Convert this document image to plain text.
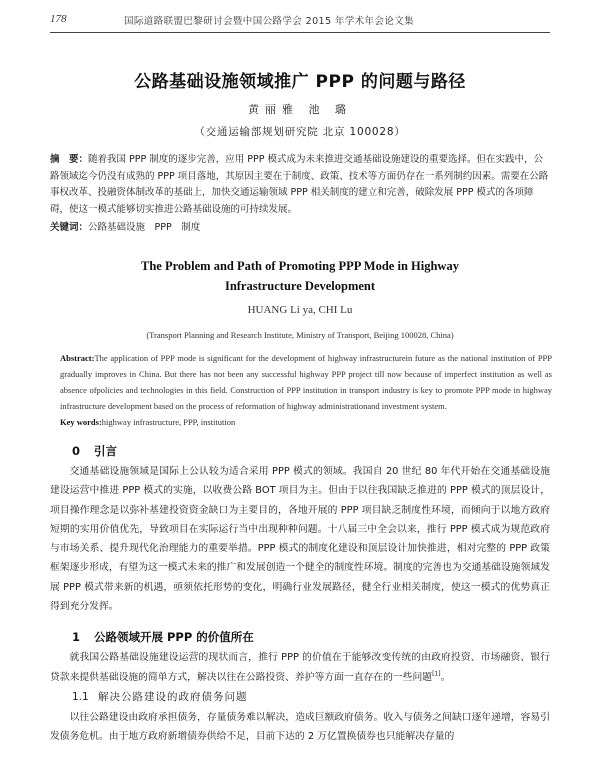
178	国际道路联盟巴黎研讨会暨中国公路学会 2015 年学术年会论文集
公路基础设施领域推广 PPP 的问题与路径
黄丽雅 池 璐
（交通运输部规划研究院 北京 100028）

摘　要：随着我国 PPP 制度的逐步完善，应用 PPP 模式成为未来推进交通基础设施建设的重要选择。但在实践中，公路领域迄今仍没有成熟的 PPP 项目落地，其原因主要在于制度、政策、技术等方面仍存在一系列制约因素。需要在公路事权改革、投融资体制改革的基础上，加快交通运输领域 PPP 相关制度的建立和完善，破除发展 PPP 模式的各项障碍，使这一模式能够切实推进公路基础设施的可持续发展。

关键词：公路基础设施　PPP　制度
The Problem and Path of Promoting PPP Mode in Highway
Infrastructure Development
HUANG Li ya, CHI Lu
(Transport Planning and Research Institute, Ministry of Transport, Beijing 100028, China)
Abstract:The application of PPP mode is significant for the development of highway infrastructurein future as the national institution of PPP gradually improves in China. But there has not been any successful highway PPP project till now because of imperfect institution as well as absence ofpolicies and technologies in this field. Construction of PPP institution in transport industry is key to promote PPP mode in highway infrastructure development based on the process of reformation of highway administrationand investment system.
Key words:highway infrastructure, PPP, institution
0 引言

交通基础设施领域是国际上公认较为适合采用 PPP 模式的领域。我国自 20 世纪 80 年代开始在交通基础设施建设运营中推进 PPP 模式的实施，以收费公路 BOT 项目为主。但由于以往我国缺乏推进的 PPP 模式的顶层设计，项目操作理念是以弥补基建投资资金缺口为主要目的，各地开展的 PPP 项目缺乏制度性环境，而倾向于以地方政府短期的实用价值优先，导致项目在实际运行当中出现种种问题。十八届三中全会以来，推行 PPP 模式成为规范政府与市场关系、提升现代化治理能力的重要举措。PPP 模式的制度化建设和顶层设计加快推进，相对完整的 PPP 政策框架逐步形成，有望为这一模式未来的推广和发展创造一个健全的制度性环境。制度的完善也为交通基础设施领域发展 PPP 模式带来新的机遇，亟须依托形势的变化，明确行业发展路径，健全行业相关制度，使这一模式的优势真正得到充分发挥。

1 公路领域开展 PPP 的价值所在

就我国公路基础设施建设运营的现状而言，推行 PPP 的价值在于能够改变传统的由政府投资、市场融资、银行贷款来提供基础设施的简单方式，解决以往在公路投资、养护等方面一直存在的一些问题[1]。

1.1 解决公路建设的政府债务问题

以往公路建设由政府承担债务，存量债务难以解决，造成巨额政府债务。收入与债务之间缺口逐年递增，容易引发债务危机。由于地方政府新增债券供给不足，目前下达的 2 万亿置换债券也只能解决存量的
